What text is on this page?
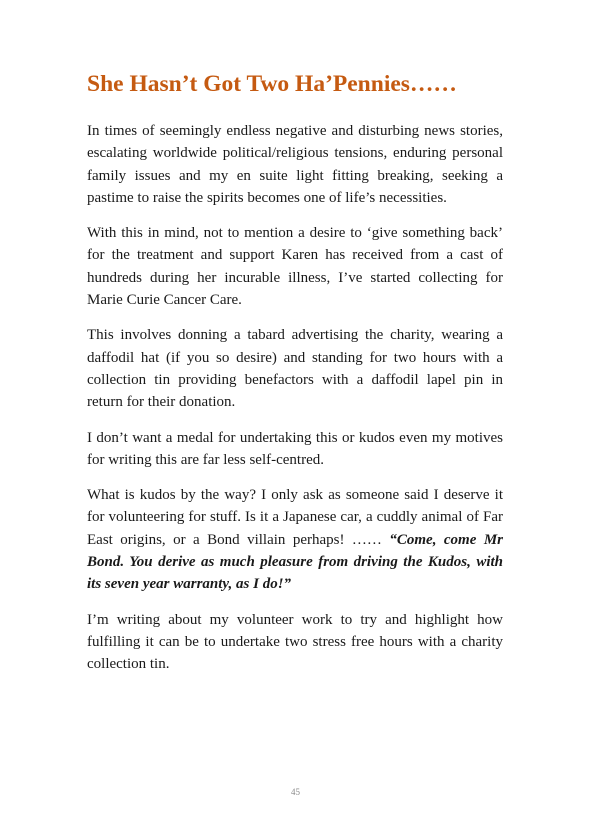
She Hasn’t Got Two Ha’Pennies……

In times of seemingly endless negative and disturbing news stories, escalating worldwide political/religious tensions, enduring personal family issues and my en suite light fitting breaking, seeking a pastime to raise the spirits becomes one of life’s necessities.

With this in mind, not to mention a desire to ‘give something back’ for the treatment and support Karen has received from a cast of hundreds during her incurable illness, I’ve started collecting for Marie Curie Cancer Care.

This involves donning a tabard advertising the charity, wearing a daffodil hat (if you so desire) and standing for two hours with a collection tin providing benefactors with a daffodil lapel pin in return for their donation.

I don’t want a medal for undertaking this or kudos even my motives for writing this are far less self-centred.

What is kudos by the way? I only ask as someone said I deserve it for volunteering for stuff. Is it a Japanese car, a cuddly animal of Far East origins, or a Bond villain perhaps! …… “Come, come Mr Bond. You derive as much pleasure from driving the Kudos, with its seven year warranty, as I do!”

I’m writing about my volunteer work to try and highlight how fulfilling it can be to undertake two stress free hours with a charity collection tin.

45
